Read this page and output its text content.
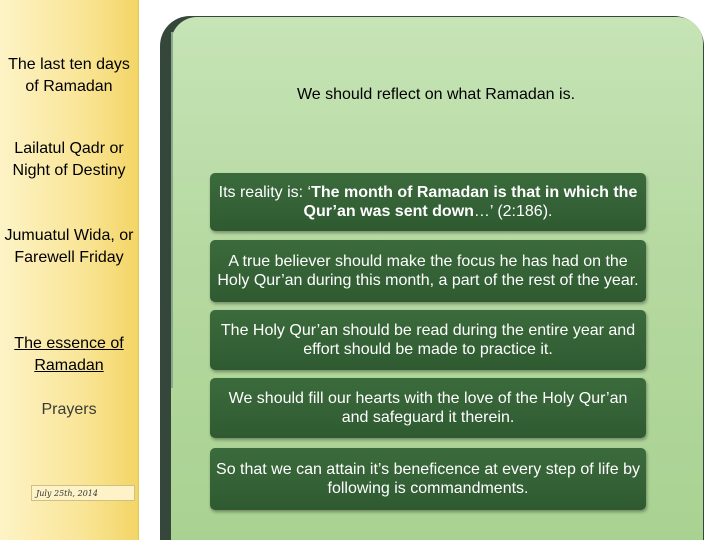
The last ten days of Ramadan
Lailatul Qadr or Night of Destiny
Jumuatul Wida, or Farewell Friday
The essence of Ramadan
Prayers
July 25th, 2014
We should reflect on what Ramadan is.
Its reality is: ‘The month of Ramadan is that in which the Qur’an was sent down…’ (2:186).
A true believer should make the focus he has had on the Holy Qur’an during this month, a part of the rest of the year.
The Holy Qur’an should be read during the entire year and effort should be made to practice it.
We should fill our hearts with the love of the Holy Qur’an and safeguard it therein.
So that we can attain it’s beneficence at every step of life by following is commandments.
